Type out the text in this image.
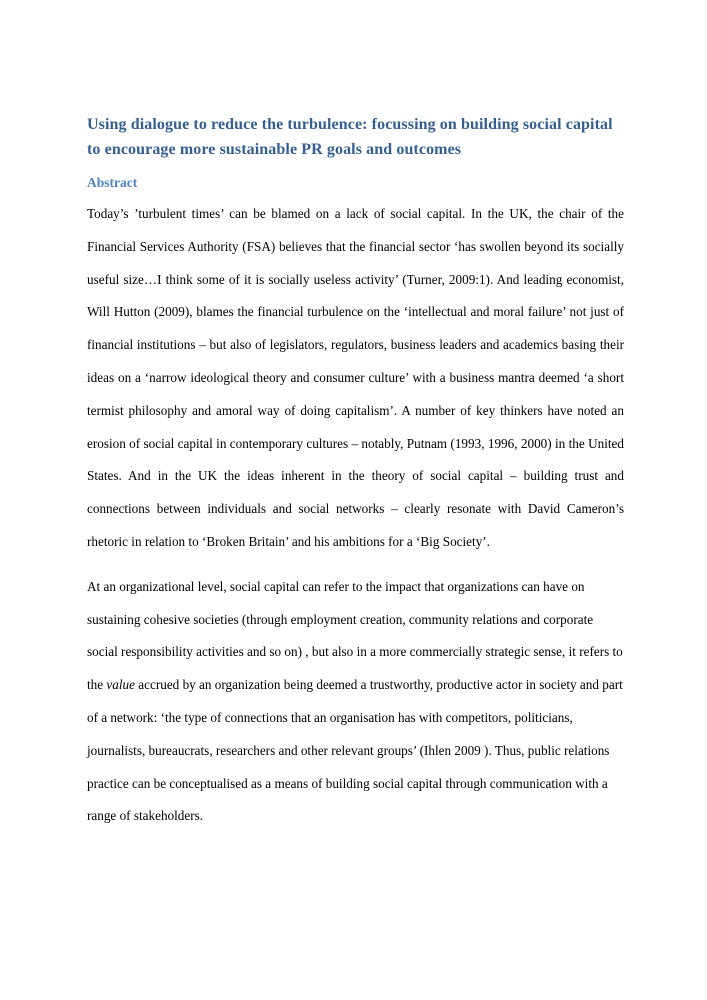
Using dialogue to reduce the turbulence: focussing on building social capital to encourage more sustainable PR goals and outcomes
Abstract

Today’s ’turbulent times’ can be blamed on a lack of social capital. In the UK, the chair of the Financial Services Authority (FSA) believes that the financial sector ‘has swollen beyond its socially useful size…I think some of it is socially useless activity’ (Turner, 2009:1). And leading economist, Will Hutton (2009), blames the financial turbulence on the ‘intellectual and moral failure’ not just of financial institutions – but also of legislators, regulators, business leaders and academics basing their ideas on a ‘narrow ideological theory and consumer culture’ with a business mantra deemed ‘a short termist philosophy and amoral way of doing capitalism’. A number of key thinkers have noted an erosion of social capital in contemporary cultures – notably, Putnam (1993, 1996, 2000) in the United States. And in the UK the ideas inherent in the theory of social capital – building trust and connections between individuals and social networks – clearly resonate with David Cameron’s rhetoric in relation to ‘Broken Britain’ and his ambitions for a ‘Big Society’.

At an organizational level, social capital can refer to the impact that organizations can have on sustaining cohesive societies (through employment creation, community relations and corporate social responsibility activities and so on) , but also in a more commercially strategic sense, it refers to the value accrued by an organization being deemed a trustworthy, productive actor in society and part of a network: ‘the type of connections that an organisation has with competitors, politicians, journalists, bureaucrats, researchers and other relevant groups’ (Ihlen 2009 ). Thus, public relations practice can be conceptualised as a means of building social capital through communication with a range of stakeholders.
